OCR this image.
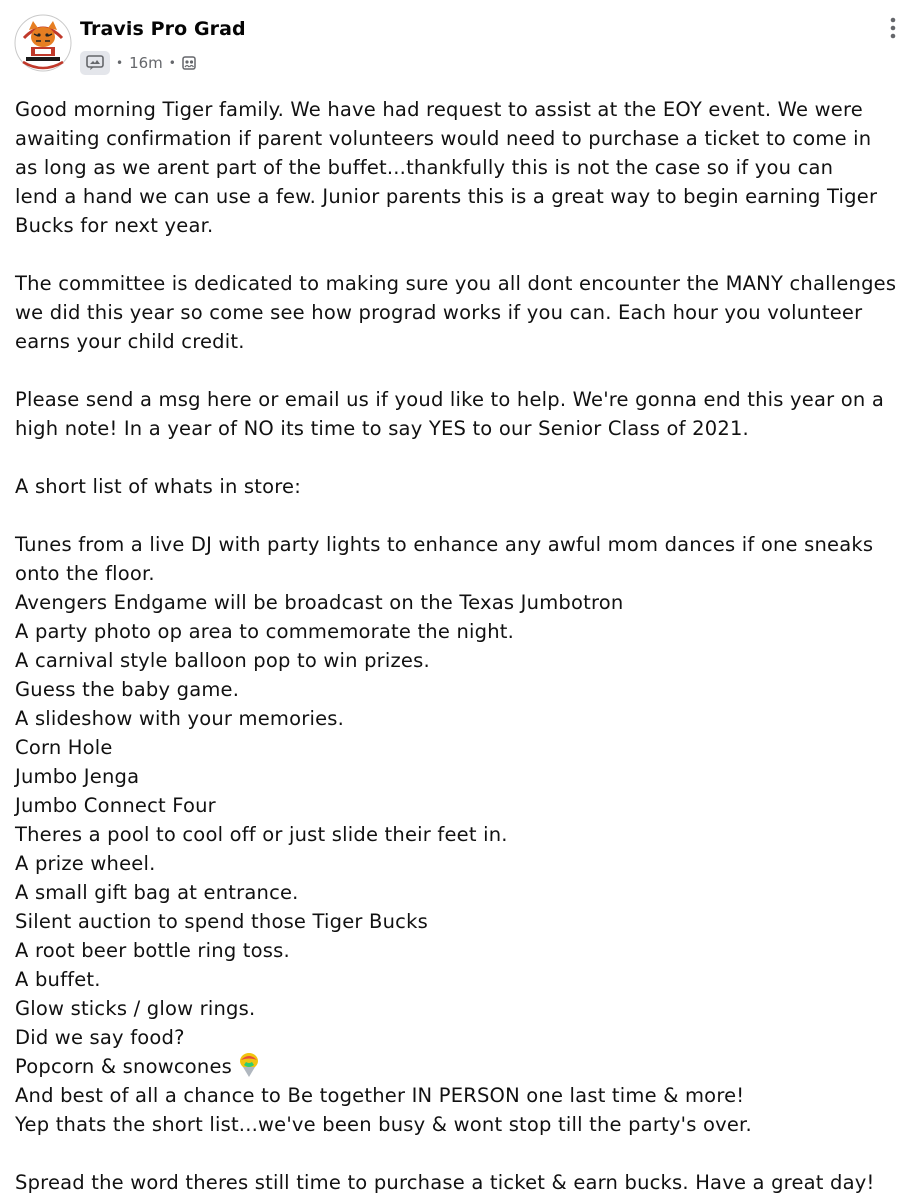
Travis Pro Grad
• 16m •
Good morning Tiger family. We have had request to assist at the EOY event. We were
awaiting confirmation if parent volunteers would need to purchase a ticket to come in
as long as we arent part of the buffet...thankfully this is not the case so if you can
lend a hand we can use a few. Junior parents this is a great way to begin earning Tiger
Bucks for next year.
The committee is dedicated to making sure you all dont encounter the MANY challenges
we did this year so come see how prograd works if you can. Each hour you volunteer
earns your child credit.
Please send a msg here or email us if youd like to help. We're gonna end this year on a
high note! In a year of NO its time to say YES to our Senior Class of 2021.
A short list of whats in store:
Tunes from a live DJ with party lights to enhance any awful mom dances if one sneaks
onto the floor.
Avengers Endgame will be broadcast on the Texas Jumbotron
A party photo op area to commemorate the night.
A carnival style balloon pop to win prizes.
Guess the baby game.
A slideshow with your memories.
Corn Hole
Jumbo Jenga
Jumbo Connect Four
Theres a pool to cool off or just slide their feet in.
A prize wheel.
A small gift bag at entrance.
Silent auction to spend those Tiger Bucks
A root beer bottle ring toss.
A buffet.
Glow sticks / glow rings.
Did we say food?
Popcorn & snowcones
And best of all a chance to Be together IN PERSON one last time & more!
Yep thats the short list...we've been busy & wont stop till the party's over.
Spread the word theres still time to purchase a ticket & earn bucks. Have a great day!
